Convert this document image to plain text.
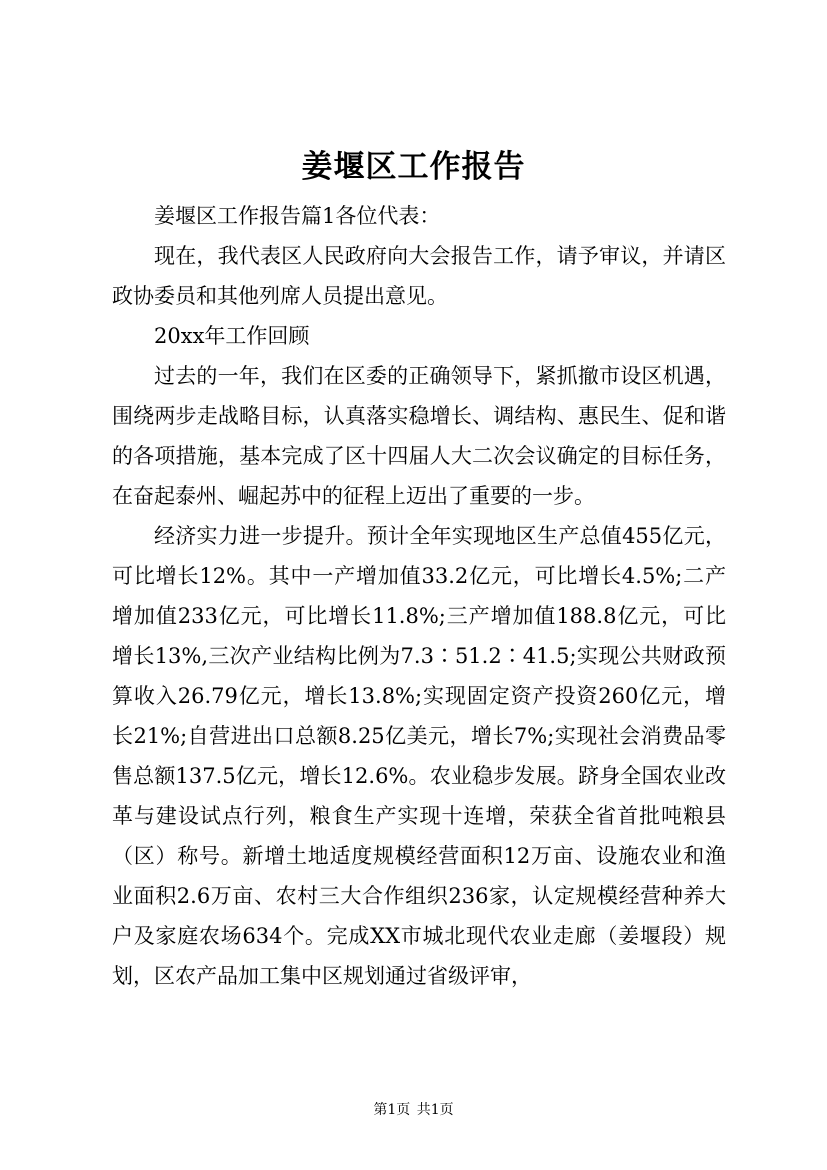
姜堰区工作报告

姜堰区工作报告篇1各位代表：

现在，我代表区人民政府向大会报告工作，请予审议，并请区政协委员和其他列席人员提出意见。

20xx年工作回顾

过去的一年，我们在区委的正确领导下，紧抓撤市设区机遇，围绕两步走战略目标，认真落实稳增长、调结构、惠民生、促和谐的各项措施，基本完成了区十四届人大二次会议确定的目标任务，在奋起泰州、崛起苏中的征程上迈出了重要的一步。

经济实力进一步提升。预计全年实现地区生产总值455亿元，可比增长12%。其中一产增加值33.2亿元，可比增长4.5%;二产增加值233亿元，可比增长11.8%;三产增加值188.8亿元，可比增长13%,三次产业结构比例为7.3∶51.2∶41.5;实现公共财政预算收入26.79亿元，增长13.8%;实现固定资产投资260亿元，增长21%;自营进出口总额8.25亿美元，增长7%;实现社会消费品零售总额137.5亿元，增长12.6%。农业稳步发展。跻身全国农业改革与建设试点行列，粮食生产实现十连增，荣获全省首批吨粮县（区）称号。新增土地适度规模经营面积12万亩、设施农业和渔业面积2.6万亩、农村三大合作组织236家，认定规模经营种养大户及家庭农场634个。完成XX市城北现代农业走廊（姜堰段）规划，区农产品加工集中区规划通过省级评审，

第1页 共1页
